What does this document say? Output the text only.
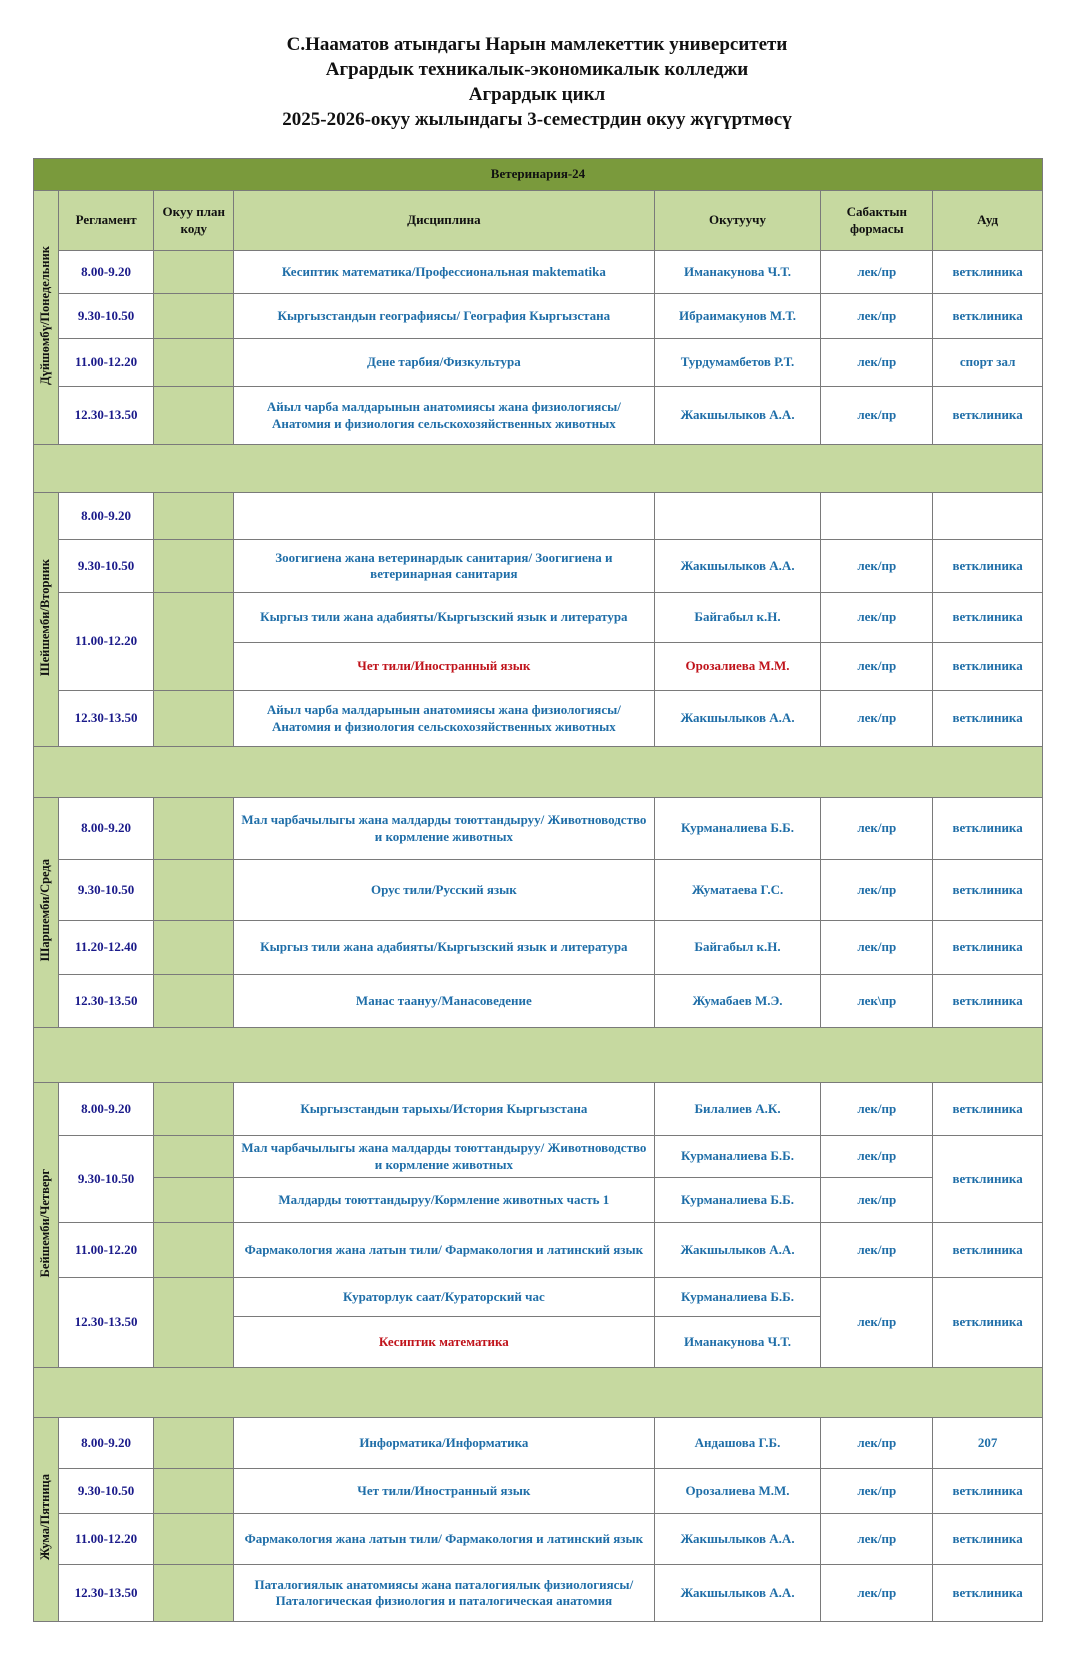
С.Нааматов атындагы Нарын мамлекеттик университети
Агрардык техникалык-экономикалык колледжи
Агрардык цикл
2025-2026-окуу жылындагы 3-семестрдин окуу жүгүртмөсү
Ветеринария-24						
Дүйшөмбү/Понедельник	Регламент	Окуу план коду	Дисциплина	Окутуучу	Сабактын формасы	Ауд
	8.00-9.20		Кесиптик математика/Профессиональная maktematika	Иманакунова Ч.Т.	лек/пр	ветклиника
	9.30-10.50		Кыргызстандын географиясы/ География Кыргызстана	Ибраимакунов М.Т.	лек/пр	ветклиника
	11.00-12.20		Дене тарбия/Физкультура	Турдумамбетов Р.Т.	лек/пр	спорт зал
	12.30-13.50		Айыл чарба малдарынын анатомиясы жана физиологиясы/ Анатомия и физиология сельскохозяйственных животных	Жакшылыков А.А.	лек/пр	ветклиника

Шейшемби/Вторник	8.00-9.20					
	9.30-10.50		Зоогигиена жана ветеринардык санитария/ Зоогигиена и ветеринарная санитария	Жакшылыков А.А.	лек/пр	ветклиника
	11.00-12.20		Кыргыз тили жана адабияты/Кыргызский язык и литература	Байгабыл к.Н.	лек/пр	ветклиника
			Чет тили/Иностранный язык	Орозалиева М.М.	лек/пр	ветклиника
	12.30-13.50		Айыл чарба малдарынын анатомиясы жана физиологиясы/ Анатомия и физиология сельскохозяйственных животных	Жакшылыков А.А.	лек/пр	ветклиника

Шаршемби/Среда	8.00-9.20		Мал чарбачылыгы жана малдарды тоюттандыруу/ Животноводство и кормление животных	Курманалиева Б.Б.	лек/пр	ветклиника
	9.30-10.50		Орус тили/Русский язык	Жуматаева Г.С.	лек/пр	ветклиника
	11.20-12.40		Кыргыз тили жана адабияты/Кыргызский язык и литература	Байгабыл к.Н.	лек/пр	ветклиника
	12.30-13.50		Манас таануу/Манасоведение	Жумабаев М.Э.	лек\пр	ветклиника

Бейшемби/Четверг	8.00-9.20		Кыргызстандын тарыхы/История Кыргызстана	Билалиев А.К.	лек/пр	ветклиника
	9.30-10.50		Мал чарбачылыгы жана малдарды тоюттандыруу/ Животноводство и кормление животных	Курманалиева Б.Б.	лек/пр	ветклиника
			Малдарды тоюттандыруу/Кормление животных часть 1	Курманалиева Б.Б.	лек/пр	
	11.00-12.20		Фармакология жана латын тили/ Фармакология и латинский язык	Жакшылыков А.А.	лек/пр	ветклиника
	12.30-13.50		Кураторлук саат/Кураторский час	Курманалиева Б.Б.	лек/пр	ветклиника
			Кесиптик математика	Иманакунова Ч.Т.		

Жума/Пятница	8.00-9.20		Информатика/Информатика	Андашова Г.Б.	лек/пр	207
	9.30-10.50		Чет тили/Иностранный язык	Орозалиева М.М.	лек/пр	ветклиника
	11.00-12.20		Фармакология жана латын тили/ Фармакология и латинский язык	Жакшылыков А.А.	лек/пр	ветклиника
	12.30-13.50		Паталогиялык анатомиясы жана паталогиялык физиологиясы/ Паталогическая физиология и паталогическая анатомия	Жакшылыков А.А.	лек/пр	ветклиника
